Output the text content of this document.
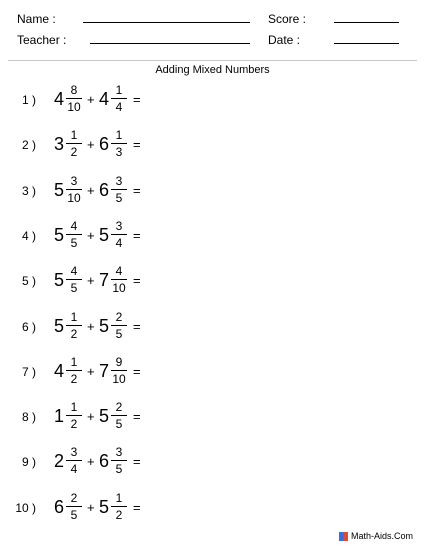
Name :	Score :
Teacher :	Date :
Adding Mixed Numbers
1 ) 4 8
10 + 4 1
4 =
2 ) 3 1
2 + 6 1
3 =
3 ) 5 3
10 + 6 3
5 =
4 ) 5 4
5 + 5 3
4 =
5 ) 5 4
5 + 7 4
10 =
6 ) 5 1
2 + 5 2
5 =
7 ) 4 1
2 + 7 9
10 =
8 ) 1 1
2 + 5 2
5 =
9 ) 2 3
4 + 6 3
5 =
10 ) 6 2
5 + 5 1
2 =
Math-Aids.Com
